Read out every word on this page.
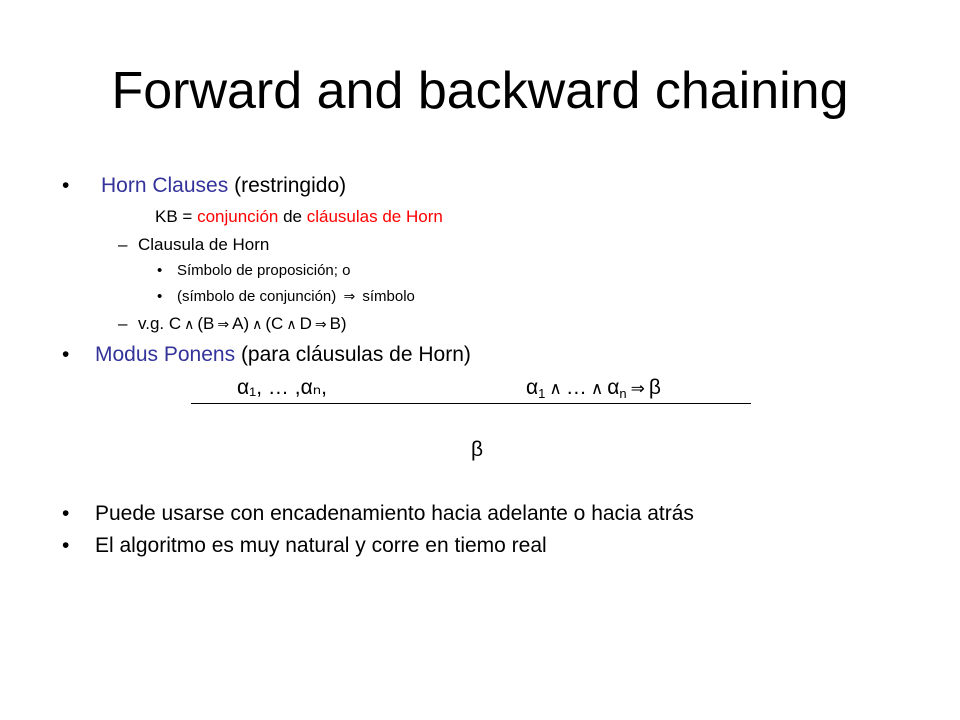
Forward and backward chaining
• Horn Clauses (restringido)
KB = conjunción de cláusulas de Horn
– Clausula de Horn
• Símbolo de proposición; o
• (símbolo de conjunción) ⇒ símbolo
– v.g. C ∧ (B ⇒ A) ∧ (C ∧ D ⇒ B)
• Modus Ponens (para cláusulas de Horn)
α₁, … ,αₙ,	$\alpha_1$ ∧ … ∧ $\alpha_n$ ⇒ β
β
• Puede usarse con encadenamiento hacia adelante o hacia atrás
• El algoritmo es muy natural y corre en tiemo real
